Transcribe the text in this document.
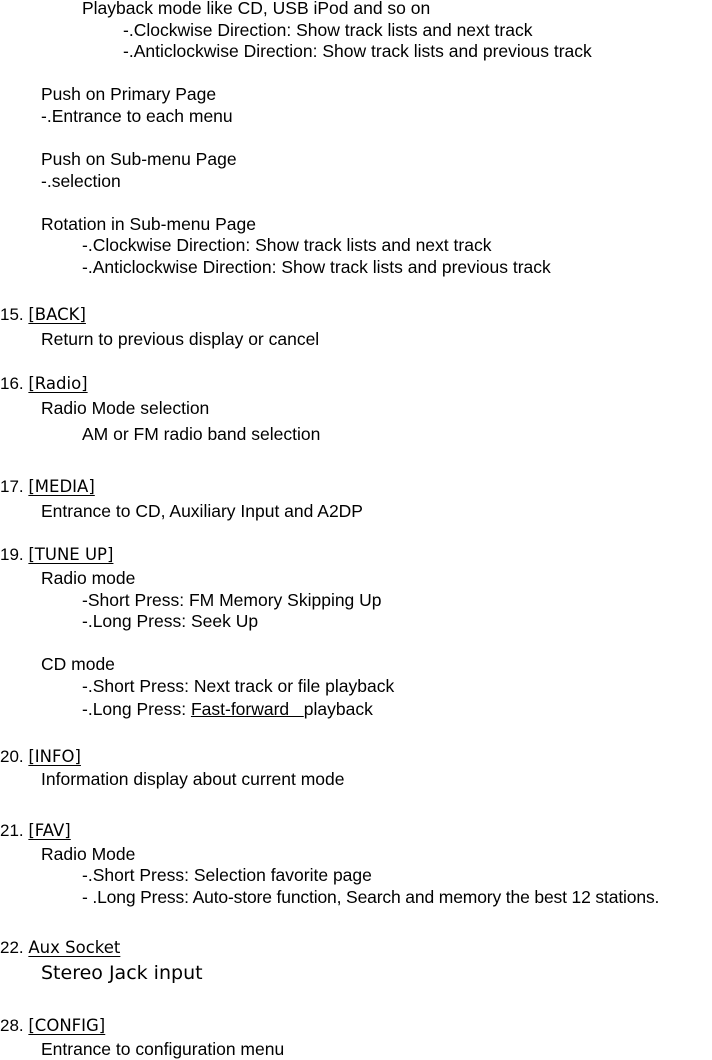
Playback mode like CD, USB iPod and so on
-.Clockwise Direction: Show track lists and next track
-.Anticlockwise Direction: Show track lists and previous track
Push on Primary Page
-.Entrance to each menu
Push on Sub-menu Page
-.selection
Rotation in Sub-menu Page
-.Clockwise Direction: Show track lists and next track
-.Anticlockwise Direction: Show track lists and previous track
15. [BACK]
Return to previous display or cancel
16. [Radio]
Radio Mode selection
AM or FM radio band selection
17. [MEDIA]
Entrance to CD, Auxiliary Input and A2DP
19. [TUNE UP]
Radio mode
-Short Press: FM Memory Skipping Up
-.Long Press: Seek Up
CD mode
-.Short Press: Next track or file playback
-.Long Press: Fast-forward   playback
20. [INFO]
Information display about current mode
21. [FAV]
Radio Mode
-.Short Press: Selection favorite page
- .Long Press: Auto-store function, Search and memory the best 12 stations.
22. Aux Socket
Stereo Jack input
28. [CONFIG]
Entrance to configuration menu
